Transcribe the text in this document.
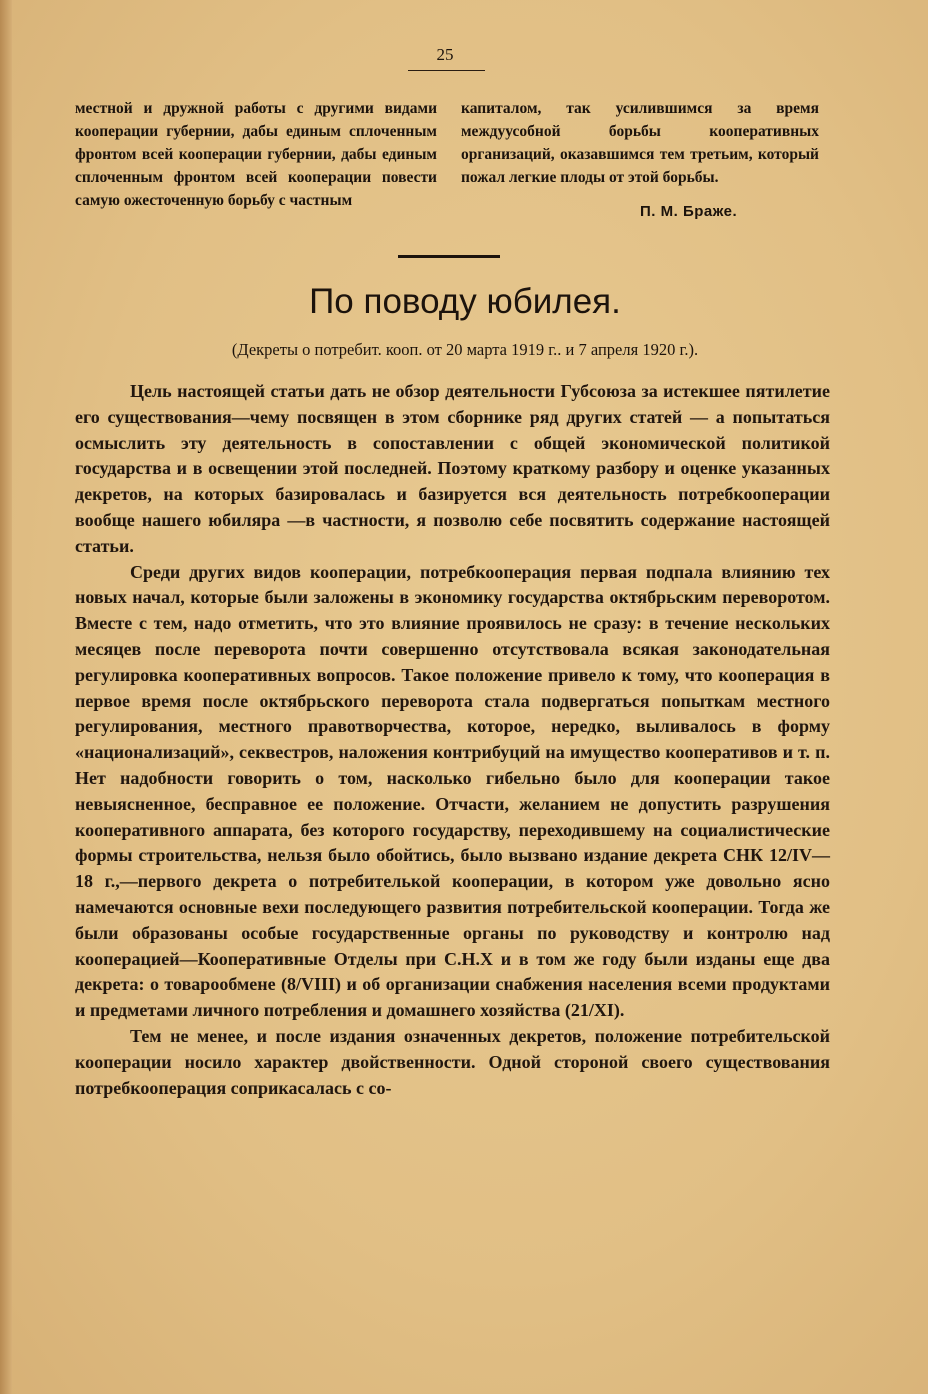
25
местной и дружной работы с другими видами кооперации губернии, дабы единым сплоченным фронтом всей кооперации губернии, дабы единым сплоченным фронтом всей кооперации повести самую ожесточенную борьбу с частным
капиталом, так усилившимся за время междуусобной борьбы кооперативных организаций, оказавшимся тем третьим, который пожал легкие плоды от этой борьбы.
П. М. Браже.
По поводу юбилея.
(Декреты о потребит. кооп. от 20 марта 1919 г.. и 7 апреля 1920 г.).

Цель настоящей статьи дать не обзор деятельности Губсоюза за истекшее пятилетие его существования—чему посвящен в этом сборнике ряд других статей — а попытаться осмыслить эту деятельность в сопоставлении с общей экономической политикой государства и в освещении этой последней. Поэтому краткому разбору и оценке указанных декретов, на которых базировалась и базируется вся деятельность потребкооперации вообще нашего юбиляра —в частности, я позволю себе посвятить содержание настоящей статьи.

Среди других видов кооперации, потребкооперация первая подпала влиянию тех новых начал, которые были заложены в экономику государства октябрьским переворотом. Вместе с тем, надо отметить, что это влияние проявилось не сразу: в течение нескольких месяцев после переворота почти совершенно отсутствовала всякая законодательная регулировка кооперативных вопросов. Такое положение привело к тому, что кооперация в первое время после октябрьского переворота стала подвергаться попыткам местного регулирования, местного правотворчества, которое, нередко, выливалось в форму «национализаций», секвестров, наложения контрибуций на имущество кооперативов и т. п. Нет надобности говорить о том, насколько гибельно было для кооперации такое невыясненное, бесправное ее положение. Отчасти, желанием не допустить разрушения кооперативного аппарата, без которого государству, переходившему на социалистические формы строительства, нельзя было обойтись, было вызвано издание декрета СНК 12/IV— 18 г.,—первого декрета о потребителькой кооперации, в котором уже довольно ясно намечаются основные вехи последующего развития потребительской кооперации. Тогда же были образованы особые государственные органы по руководству и контролю над кооперацией—Кооперативные Отделы при С.Н.Х и в том же году были изданы еще два декрета: о товарообмене (8/VIII) и об организации снабжения населения всеми продуктами и предметами личного потребления и домашнего хозяйства (21/XI).

Тем не менее, и после издания означенных декретов, положение потребительской кооперации носило характер двойственности. Одной стороной своего существования потребкооперация соприкасалась с со-
